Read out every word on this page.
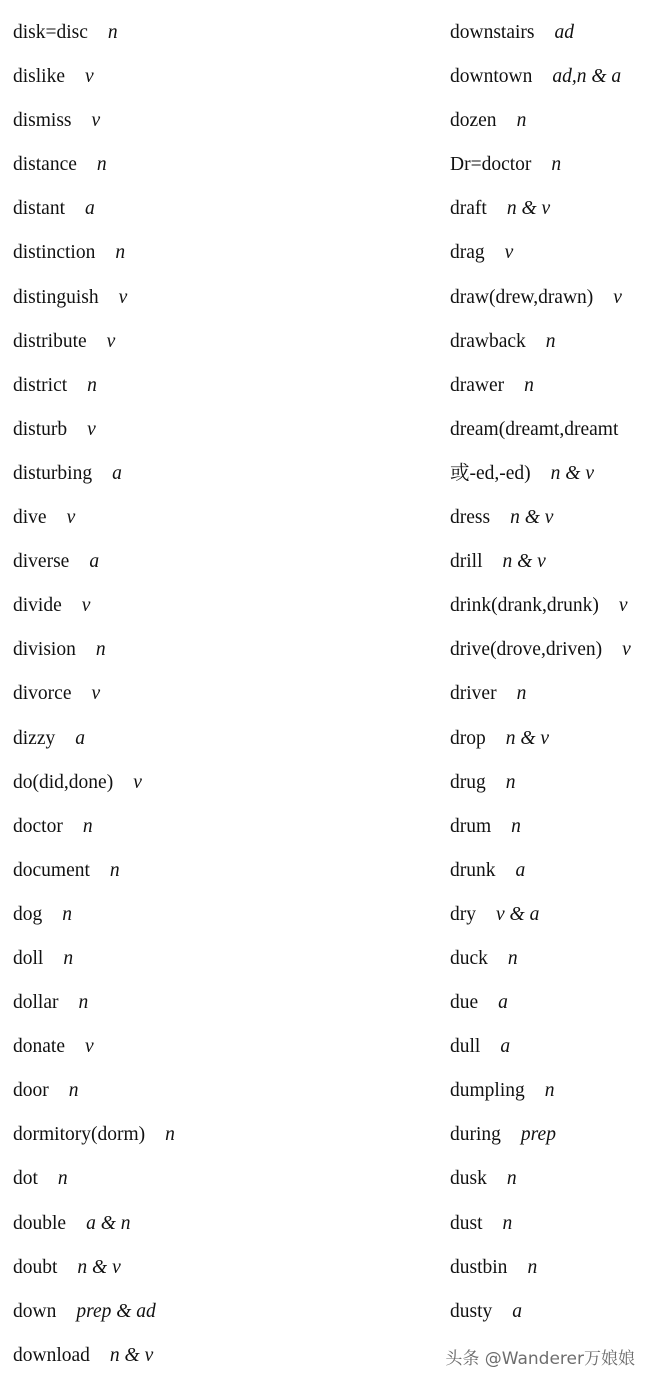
disk=disc n
dislike v
dismiss v
distance n
distant a
distinction n
distinguish v
distribute v
district n
disturb v
disturbing a
dive v
diverse a
divide v
division n
divorce v
dizzy a
do(did,done) v
doctor n
document n
dog n
doll n
dollar n
donate v
door n
dormitory(dorm) n
dot n
double a & n
doubt n & v
down prep & ad
download n & v
downstairs ad
downtown ad,n & a
dozen n
Dr=doctor n
draft n & v
drag v
draw(drew,drawn) v
drawback n
drawer n
dream(dreamt,dreamt
或-ed,-ed) n & v
dress n & v
drill n & v
drink(drank,drunk) v
drive(drove,driven) v
driver n
drop n & v
drug n
drum n
drunk a
dry v & a
duck n
due a
dull a
dumpling n
during prep
dusk n
dust n
dustbin n
dusty a
头条 @Wanderer万娘娘
